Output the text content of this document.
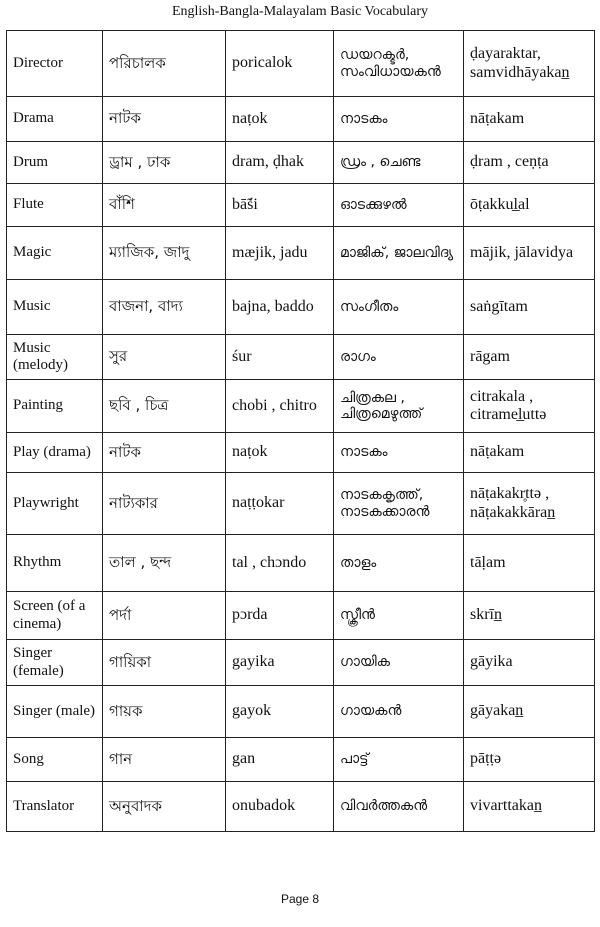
English-Bangla-Malayalam Basic Vocabulary
Director	পরিচালক	poricalok	ഡയറക്ടർ, സംവിധായകൻ	ḍayaraktar, samvidhāyakan̲
Drama	নাটক	naṭok	നാടകം	nāṭakam
Drum	ড্রাম , ঢাক	dram, ḍhak	ഡ്രം , ചെണ്ട	ḍram , ceṇṭa
Flute	বাঁশি	bā̃śi	ഓടക്കുഴൽ	ōṭakkul̲al
Magic	ম্যাজিক, জাদু	mæjik, jadu	മാജിക്, ജാലവിദ്യ	mājik, jālavidya
Music	বাজনা, বাদ্য	bajna, baddo	സംഗീതം	saṅgītam
Music (melody)	সুর	śur	രാഗം	rāgam
Painting	ছবি , চিত্র	chobi , chitro	ചിത്രകല , ചിത്രമെഴുത്ത്	citrakala , citramel̲uttə
Play (drama)	নাটক	naṭok	നാടകം	nāṭakam
Playwright	নাট্যকার	naṭṭokar	നാടകകൃത്ത്, നാടകക്കാരൻ	nāṭakakr̥ttə , nāṭakakkāran̲
Rhythm	তাল , ছন্দ	tal , chɔndo	താളം	tāḷam
Screen (of a cinema)	পর্দা	pɔrda	സ്ക്രീൻ	skrīn̲
Singer (female)	গায়িকা	gayika	ഗായിക	gāyika
Singer (male)	গায়ক	gayok	ഗായകൻ	gāyakan̲
Song	গান	gan	പാട്ട്	pāṭṭə
Translator	অনুবাদক	onubadok	വിവർത്തകൻ	vivarttakan̲
Page 8
